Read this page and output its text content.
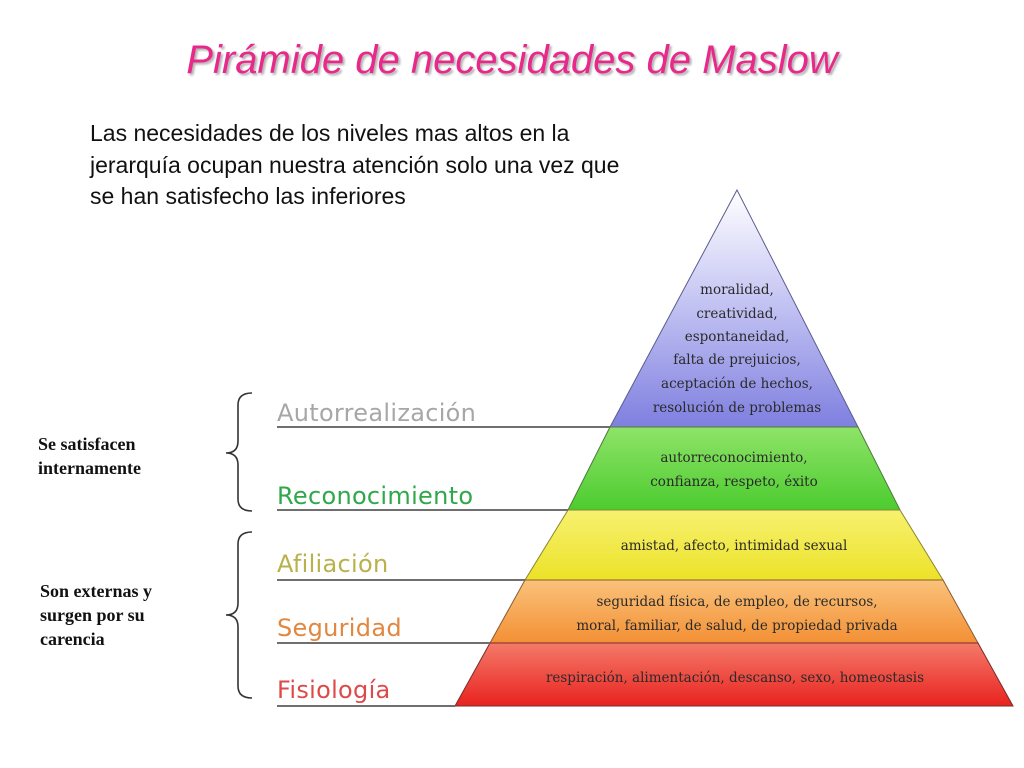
Pirámide de necesidades de Maslow
Las necesidades de los niveles mas altos en la
jerarquía ocupan nuestra atención solo una vez que
se han satisfecho las inferiores
Se satisfacen
internamente
Son externas y
surgen por su
carencia
Autorrealización
Reconocimiento
Afiliación
Seguridad
Fisiología
moralidad,
creatividad,
espontaneidad,
falta de prejuicios,
aceptación de hechos,
resolución de problemas
autorreconocimiento,
confianza, respeto, éxito
amistad, afecto, intimidad sexual
seguridad física, de empleo, de recursos,
moral, familiar, de salud, de propiedad privada
respiración, alimentación, descanso, sexo, homeostasis
